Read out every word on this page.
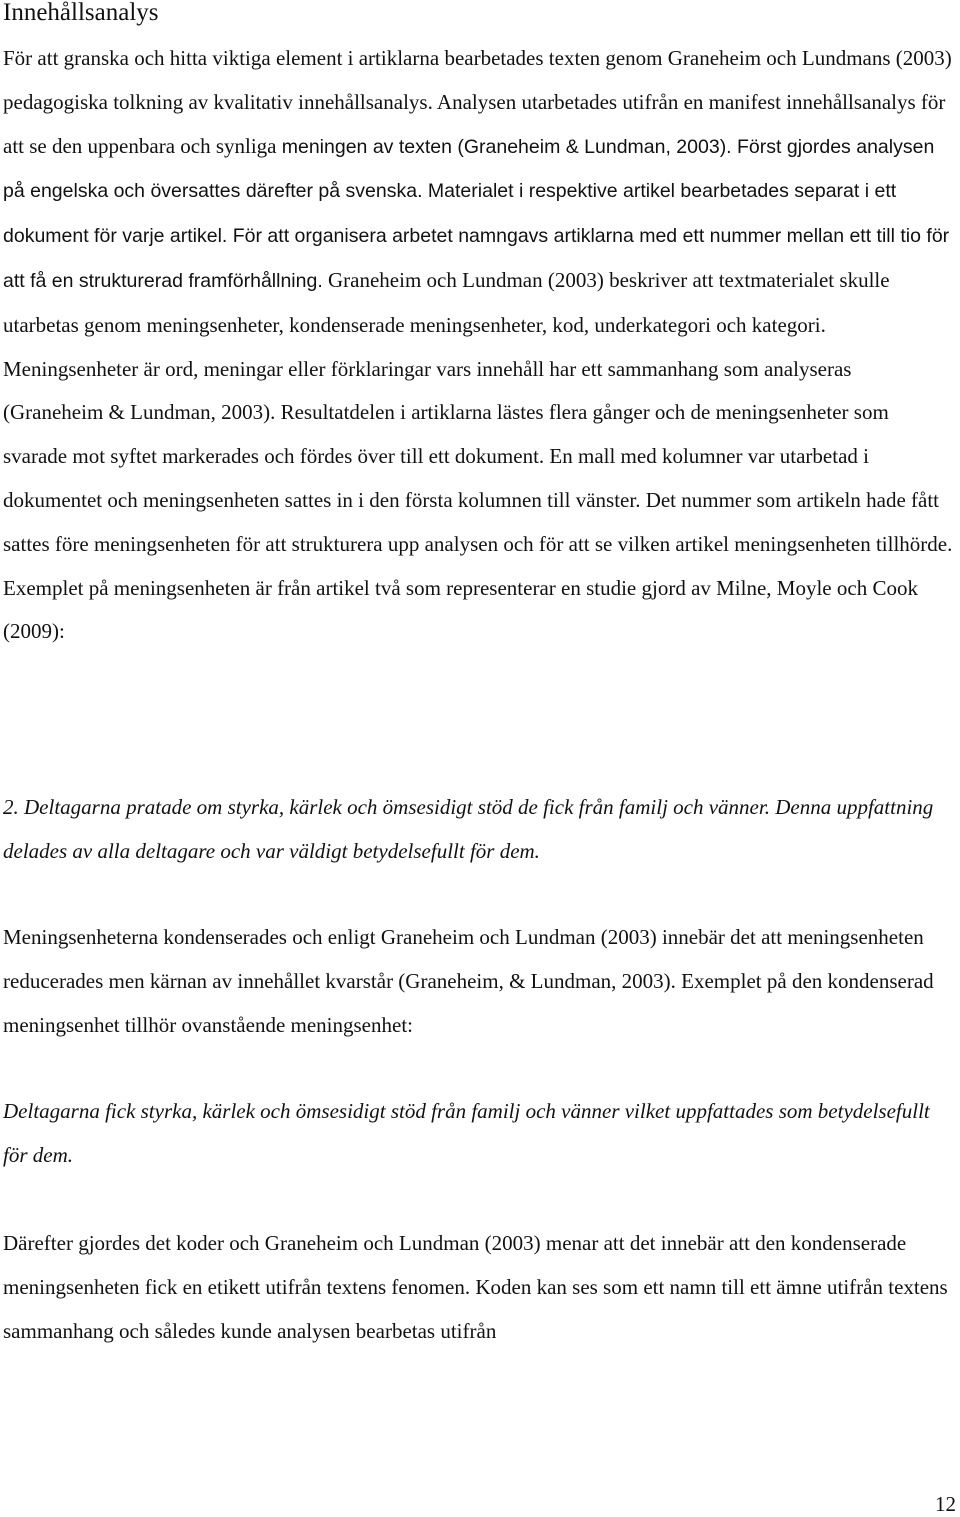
Innehållsanalys

För att granska och hitta viktiga element i artiklarna bearbetades texten genom Graneheim och Lundmans (2003) pedagogiska tolkning av kvalitativ innehållsanalys. Analysen utarbetades utifrån en manifest innehållsanalys för att se den uppenbara och synliga meningen av texten (Graneheim & Lundman, 2003). Först gjordes analysen på engelska och översattes därefter på svenska. Materialet i respektive artikel bearbetades separat i ett dokument för varje artikel. För att organisera arbetet namngavs artiklarna med ett nummer mellan ett till tio för att få en strukturerad framförhållning. Graneheim och Lundman (2003) beskriver att textmaterialet skulle utarbetas genom meningsenheter, kondenserade meningsenheter, kod, underkategori och kategori. Meningsenheter är ord, meningar eller förklaringar vars innehåll har ett sammanhang som analyseras (Graneheim & Lundman, 2003). Resultatdelen i artiklarna lästes flera gånger och de meningsenheter som svarade mot syftet markerades och fördes över till ett dokument. En mall med kolumner var utarbetad i dokumentet och meningsenheten sattes in i den första kolumnen till vänster. Det nummer som artikeln hade fått sattes före meningsenheten för att strukturera upp analysen och för att se vilken artikel meningsenheten tillhörde. Exemplet på meningsenheten är från artikel två som representerar en studie gjord av Milne, Moyle och Cook (2009):

2. Deltagarna pratade om styrka, kärlek och ömsesidigt stöd de fick från familj och vänner. Denna uppfattning delades av alla deltagare och var väldigt betydelsefullt för dem.

Meningsenheterna kondenserades och enligt Graneheim och Lundman (2003) innebär det att meningsenheten reducerades men kärnan av innehållet kvarstår (Graneheim, & Lundman, 2003). Exemplet på den kondenserad meningsenhet tillhör ovanstående meningsenhet:

Deltagarna fick styrka, kärlek och ömsesidigt stöd från familj och vänner vilket uppfattades som betydelsefullt för dem.

Därefter gjordes det koder och Graneheim och Lundman (2003) menar att det innebär att den kondenserade meningsenheten fick en etikett utifrån textens fenomen. Koden kan ses som ett namn till ett ämne utifrån textens sammanhang och således kunde analysen bearbetas utifrån

12
